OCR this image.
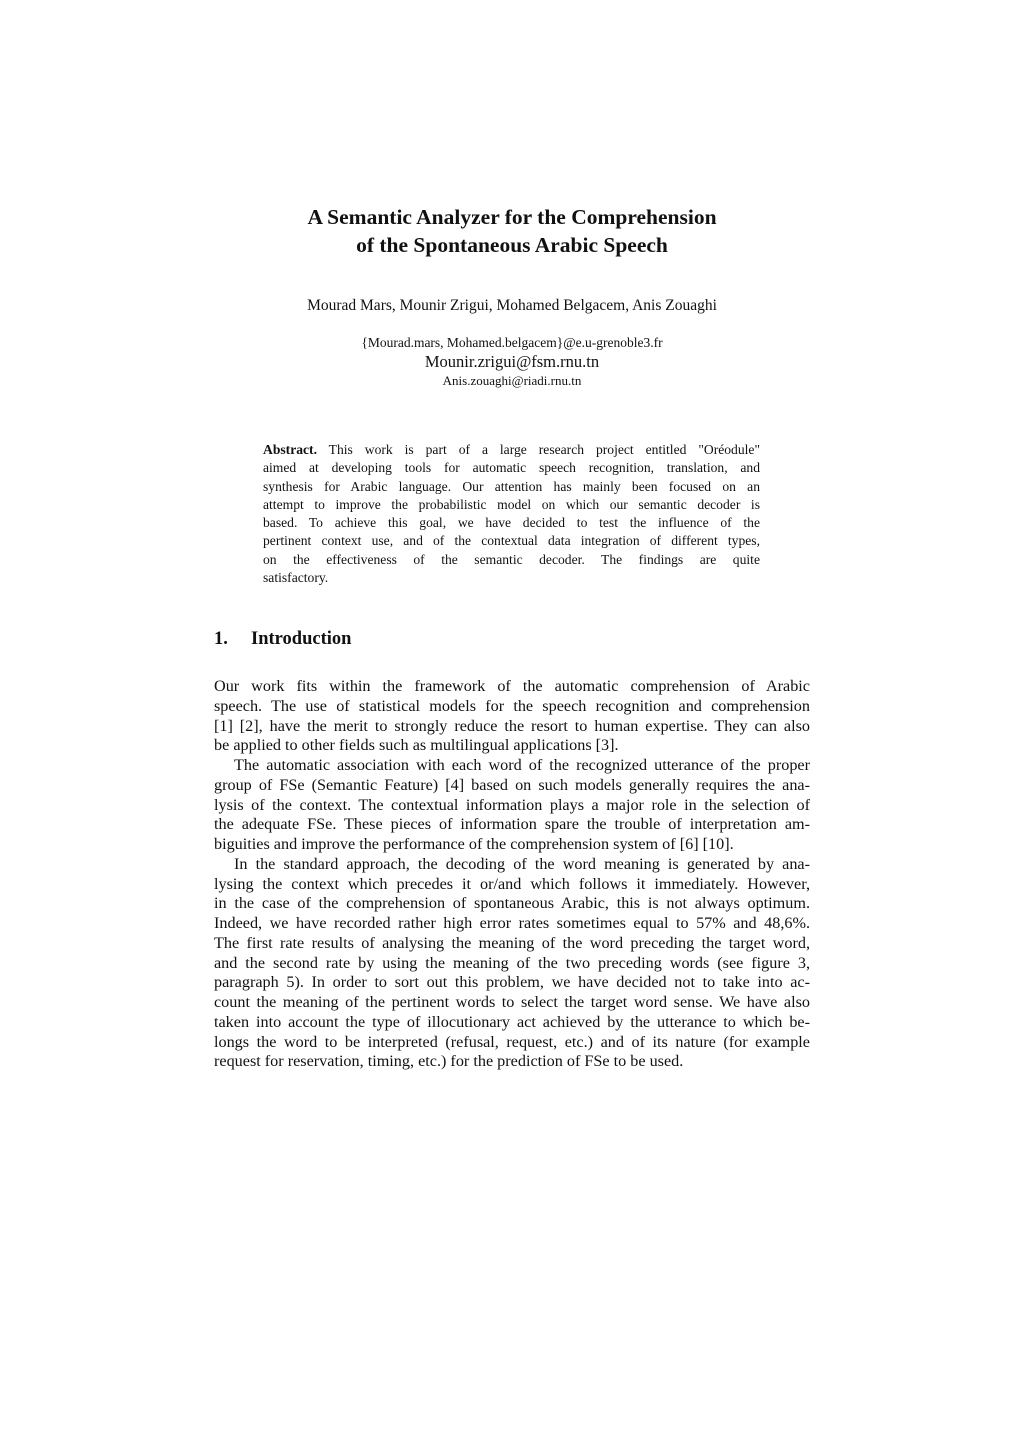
A Semantic Analyzer for the Comprehension
of the Spontaneous Arabic Speech
Mourad Mars, Mounir Zrigui, Mohamed Belgacem, Anis Zouaghi
{Mourad.mars, Mohamed.belgacem}@e.u-grenoble3.fr
Mounir.zrigui@fsm.rnu.tn
Anis.zouaghi@riadi.rnu.tn
Abstract. This work is part of a large research project entitled "Oréodule"
aimed at developing tools for automatic speech recognition, translation, and
synthesis for Arabic language. Our attention has mainly been focused on an
attempt to improve the probabilistic model on which our semantic decoder is
based. To achieve this goal, we have decided to test the influence of the
pertinent context use, and of the contextual data integration of different types,
on the effectiveness of the semantic decoder. The findings are quite
satisfactory.
1. Introduction
Our work fits within the framework of the automatic comprehension of Arabic
speech. The use of statistical models for the speech recognition and comprehension
[1] [2], have the merit to strongly reduce the resort to human expertise. They can also
be applied to other fields such as multilingual applications [3].
The automatic association with each word of the recognized utterance of the proper
group of FSe (Semantic Feature) [4] based on such models generally requires the ana-
lysis of the context. The contextual information plays a major role in the selection of
the adequate FSe. These pieces of information spare the trouble of interpretation am-
biguities and improve the performance of the comprehension system of [6] [10].
In the standard approach, the decoding of the word meaning is generated by ana-
lysing the context which precedes it or/and which follows it immediately. However,
in the case of the comprehension of spontaneous Arabic, this is not always optimum.
Indeed, we have recorded rather high error rates sometimes equal to 57% and 48,6%.
The first rate results of analysing the meaning of the word preceding the target word,
and the second rate by using the meaning of the two preceding words (see figure 3,
paragraph 5). In order to sort out this problem, we have decided not to take into ac-
count the meaning of the pertinent words to select the target word sense. We have also
taken into account the type of illocutionary act achieved by the utterance to which be-
longs the word to be interpreted (refusal, request, etc.) and of its nature (for example
request for reservation, timing, etc.) for the prediction of FSe to be used.
